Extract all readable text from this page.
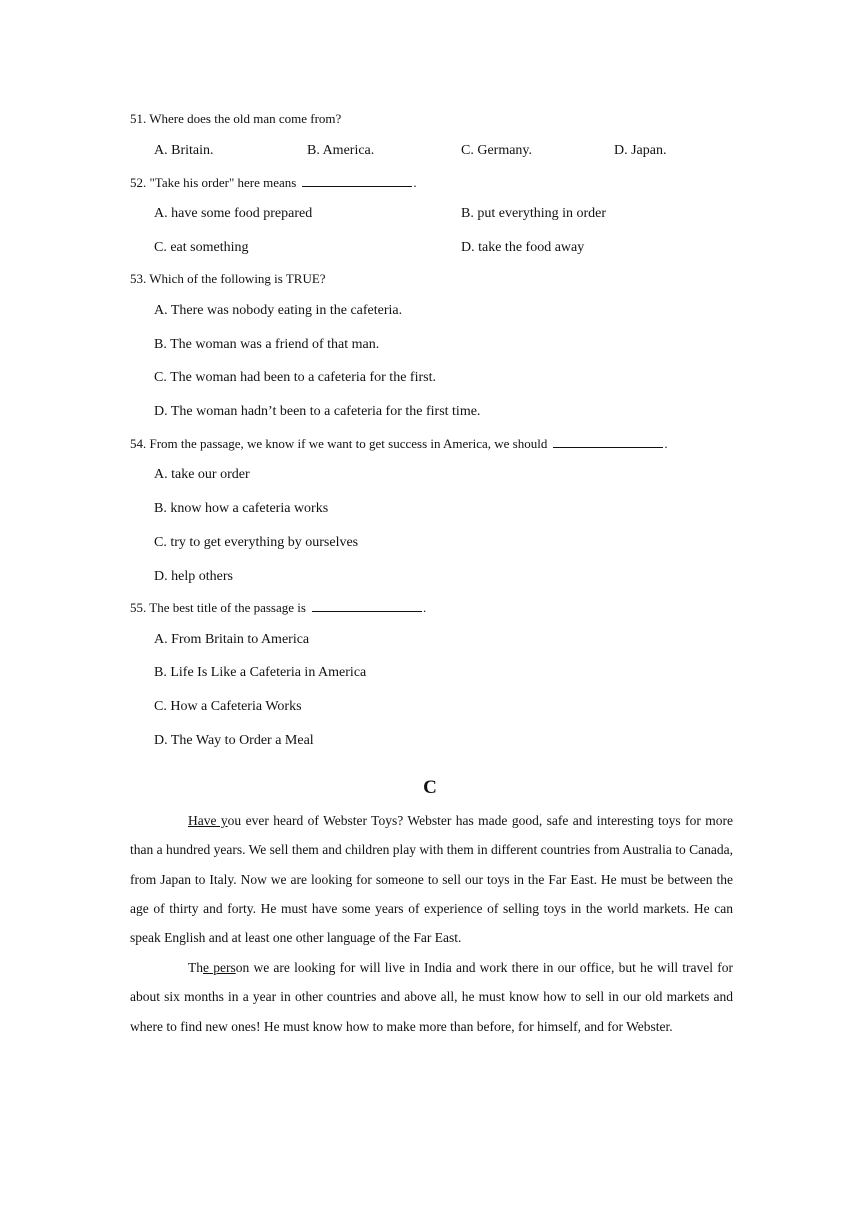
51. Where does the old man come from?
A. Britain.	B. America.	C. Germany.	D. Japan.
52. "Take his order" here means	.
A. have some food prepared	B. put everything in order
C. eat something	D. take the food away
53. Which of the following is TRUE?
A. There was nobody eating in the cafeteria.
B. The woman was a friend of that man.
C. The woman had been to a cafeteria for the first.
D. The woman hadn’t been to a cafeteria for the first time.
54. From the passage, we know if we want to get success in America, we should	.
A. take our order
B. know how a cafeteria works
C. try to get everything by ourselves
D. help others
55. The best title of the passage is	.
A. From Britain to America
B. Life Is Like a Cafeteria in America
C. How a Cafeteria Works
D. The Way to Order a Meal
C
Have you ever heard of Webster Toys? Webster has made good, safe and interesting toys for more than a hundred years. We sell them and children play with them in different countries from Australia to Canada, from Japan to Italy. Now we are looking for someone to sell our toys in the Far East. He must be between the age of thirty and forty. He must have some years of experience of selling toys in the world markets. He can speak English and at least one other language of the Far East.
The person we are looking for will live in India and work there in our office, but he will travel for about six months in a year in other countries and above all, he must know how to sell in our old markets and where to find new ones! He must know how to make more than before, for himself, and for Webster.
